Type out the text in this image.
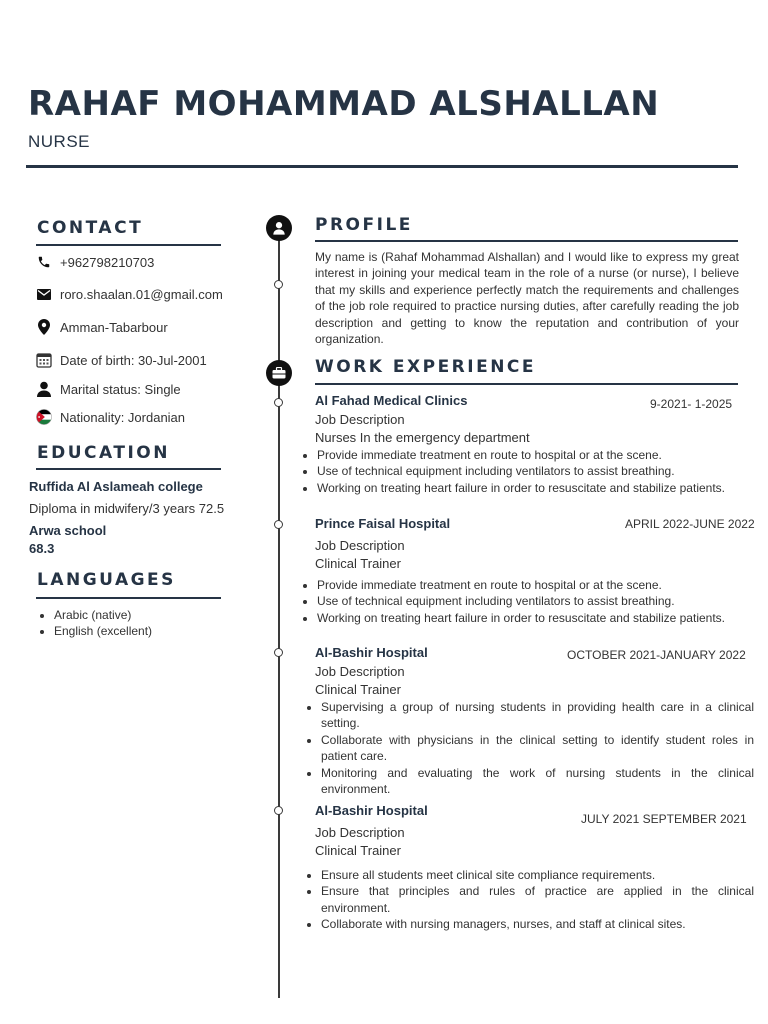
RAHAF MOHAMMAD ALSHALLAN
NURSE
CONTACT
+962798210703
roro.shaalan.01@gmail.com
Amman-Tabarbour
Date of birth: 30-Jul-2001
Marital status: Single
Nationality: Jordanian
EDUCATION
Ruffida Al Aslameah college
Diploma in midwifery/3 years 72.5
Arwa school
68.3
LANGUAGES
• Arabic (native)
• English (excellent)
PROFILE
My name is (Rahaf Mohammad Alshallan) and I would like to express my great interest in joining your medical team in the role of a nurse (or nurse), I believe that my skills and experience perfectly match the requirements and challenges of the job role required to practice nursing duties, after carefully reading the job description and getting to know the reputation and contribution of your organization.
WORK EXPERIENCE
Al Fahad Medical Clinics	9-2021- 1-2025
Job Description
Nurses In the emergency department
• Provide immediate treatment en route to hospital or at the scene.
• Use of technical equipment including ventilators to assist breathing.
• Working on treating heart failure in order to resuscitate and stabilize patients.
Prince Faisal Hospital	APRIL 2022-JUNE 2022
Job Description
Clinical Trainer
• Provide immediate treatment en route to hospital or at the scene.
• Use of technical equipment including ventilators to assist breathing.
• Working on treating heart failure in order to resuscitate and stabilize patients.
Al-Bashir Hospital	OCTOBER 2021-JANUARY 2022
Job Description
Clinical Trainer
• Supervising a group of nursing students in providing health care in a clinical setting.
• Collaborate with physicians in the clinical setting to identify student roles in patient care.
• Monitoring and evaluating the work of nursing students in the clinical environment.
Al-Bashir Hospital
JULY 2021 SEPTEMBER 2021
Job Description
Clinical Trainer
• Ensure all students meet clinical site compliance requirements.
• Ensure that principles and rules of practice are applied in the clinical environment.
• Collaborate with nursing managers, nurses, and staff at clinical sites.
